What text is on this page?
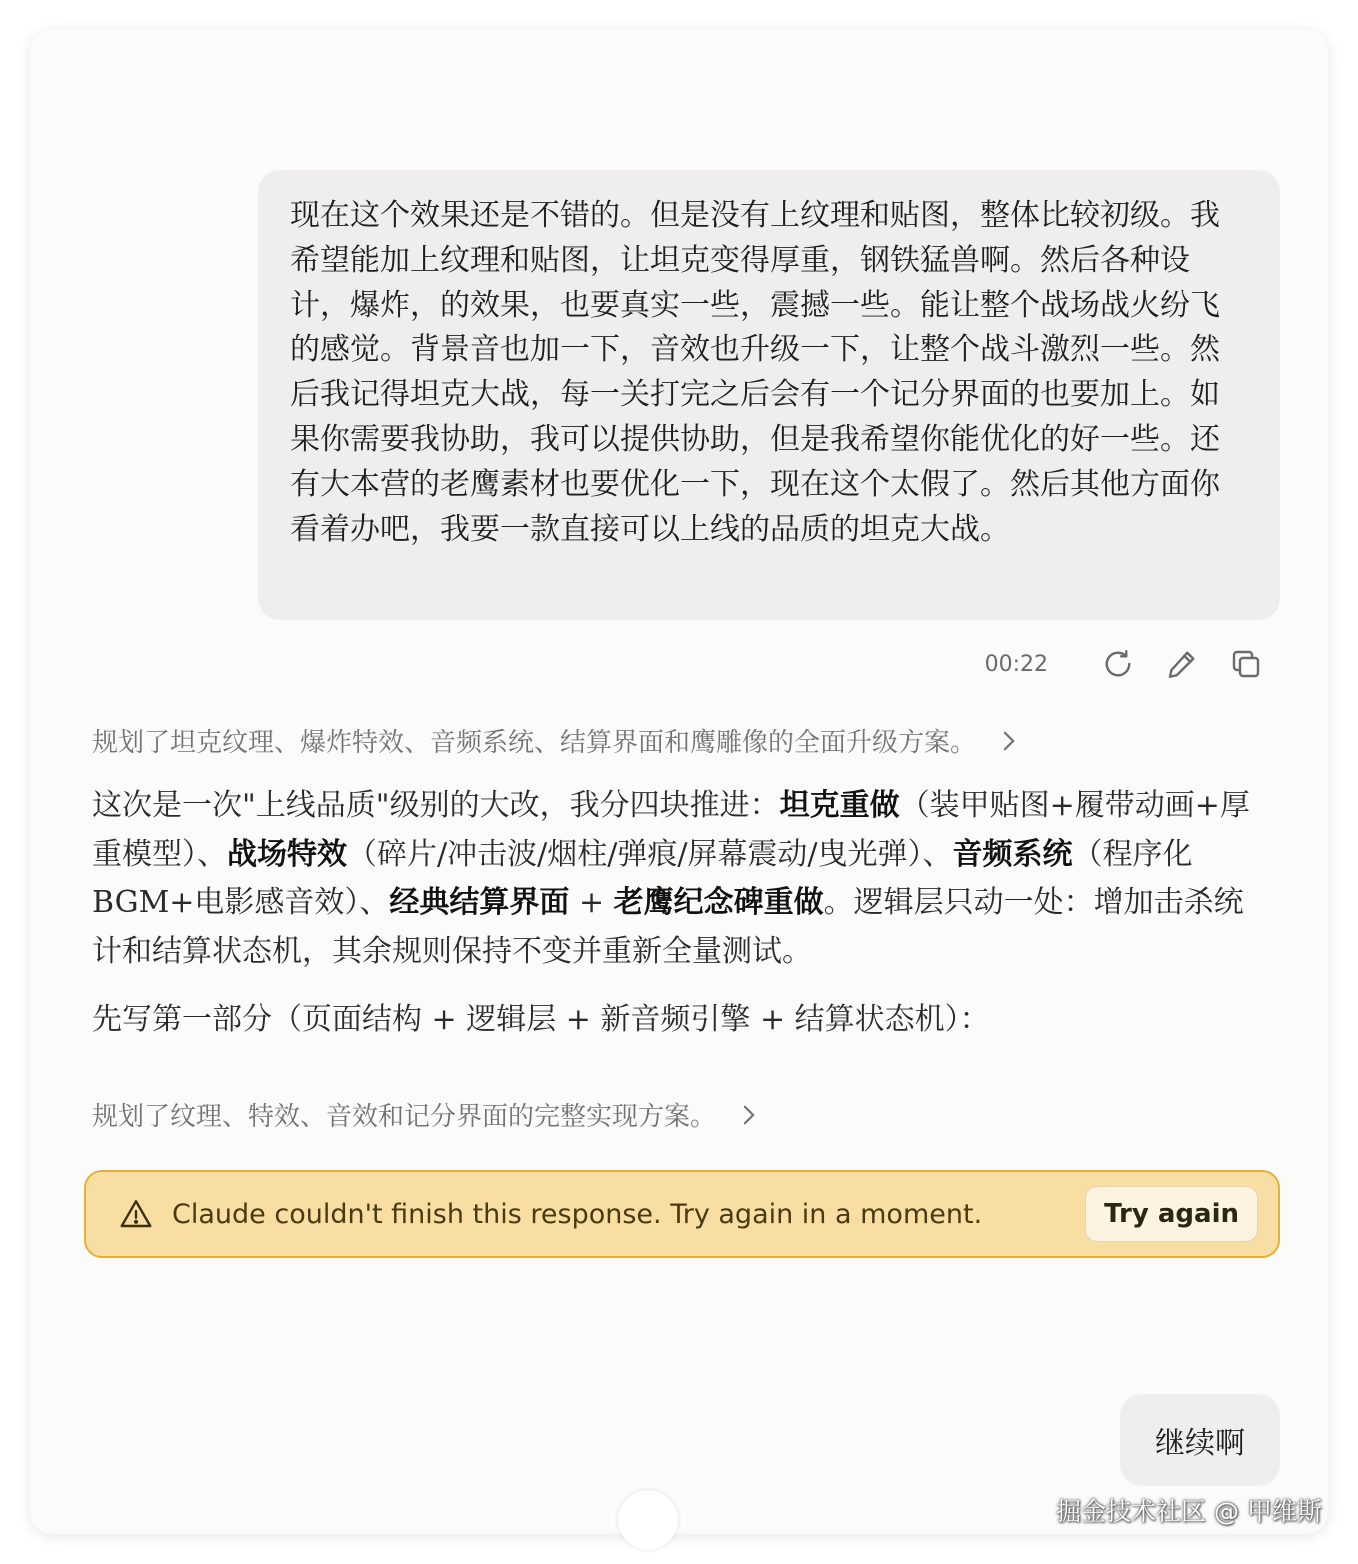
现在这个效果还是不错的。但是没有上纹理和贴图，整体比较初级。我希望能加上纹理和贴图，让坦克变得厚重，钢铁猛兽啊。然后各种设计，爆炸，的效果，也要真实一些，震撼一些。能让整个战场战火纷飞的感觉。背景音也加一下，音效也升级一下，让整个战斗激烈一些。然后我记得坦克大战，每一关打完之后会有一个记分界面的也要加上。如果你需要我协助，我可以提供协助，但是我希望你能优化的好一些。还有大本营的老鹰素材也要优化一下，现在这个太假了。然后其他方面你看着办吧，我要一款直接可以上线的品质的坦克大战。

00:22
规划了坦克纹理、爆炸特效、音频系统、结算界面和鹰雕像的全面升级方案。

这次是一次"上线品质"级别的大改，我分四块推进：坦克重做（装甲贴图+履带动画+厚重模型）、战场特效（碎片/冲击波/烟柱/弹痕/屏幕震动/曳光弹）、音频系统（程序化BGM+电影感音效）、经典结算界面 + 老鹰纪念碑重做。逻辑层只动一处：增加击杀统计和结算状态机，其余规则保持不变并重新全量测试。

先写第一部分（页面结构 + 逻辑层 + 新音频引擎 + 结算状态机）：

规划了纹理、特效、音效和记分界面的完整实现方案。
Claude couldn't finish this response. Try again in a moment.	Try again
继续啊
掘金技术社区 @ 甲维斯
